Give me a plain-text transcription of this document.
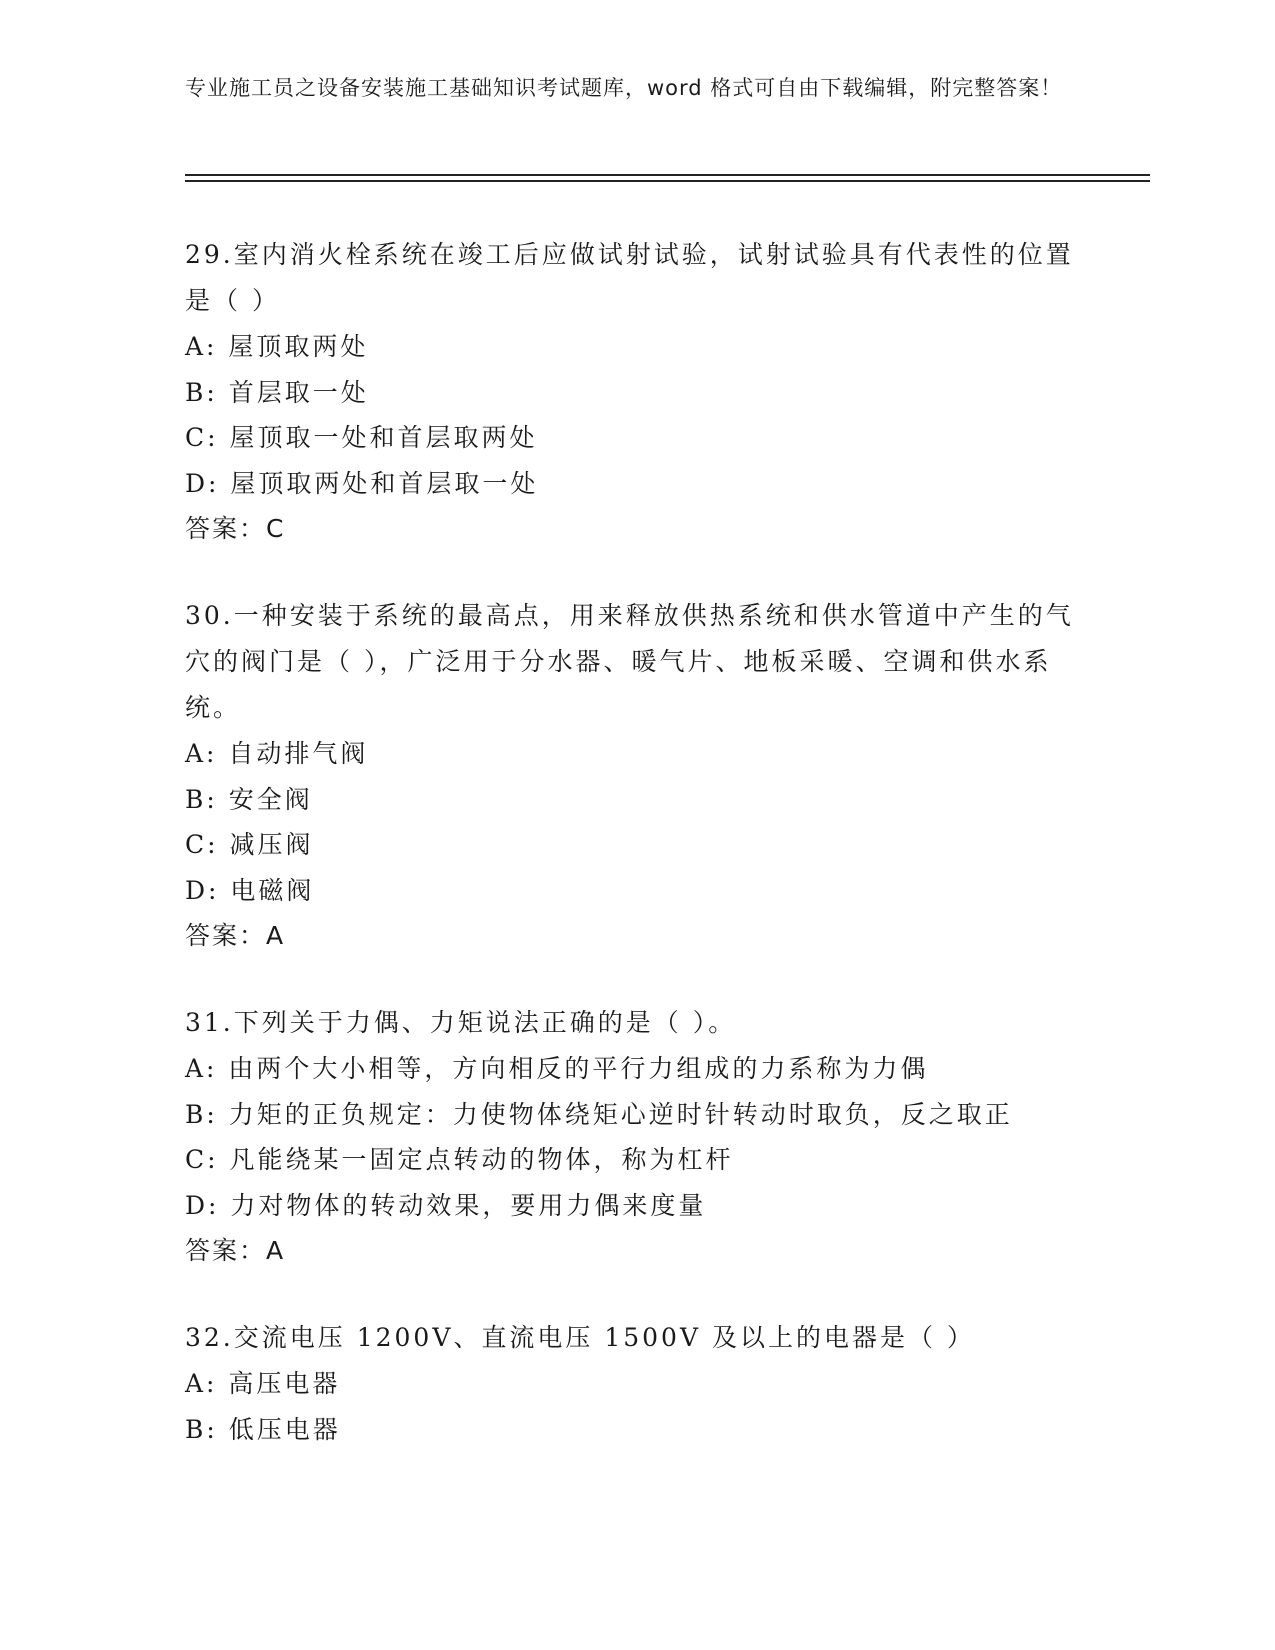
专业施工员之设备安装施工基础知识考试题库，word 格式可自由下载编辑，附完整答案！

29.室内消火栓系统在竣工后应做试射试验，试射试验具有代表性的位置是（ ）

A: 屋顶取两处

B: 首层取一处

C: 屋顶取一处和首层取两处

D: 屋顶取两处和首层取一处

答案：C

30.一种安装于系统的最高点，用来释放供热系统和供水管道中产生的气穴的阀门是（ ），广泛用于分水器、暖气片、地板采暖、空调和供水系统。

A: 自动排气阀

B: 安全阀

C: 减压阀

D: 电磁阀

答案：A

31.下列关于力偶、力矩说法正确的是（ ）。

A: 由两个大小相等，方向相反的平行力组成的力系称为力偶

B: 力矩的正负规定：力使物体绕矩心逆时针转动时取负，反之取正

C: 凡能绕某一固定点转动的物体，称为杠杆

D: 力对物体的转动效果，要用力偶来度量

答案：A

32.交流电压 1200V、直流电压 1500V 及以上的电器是（ ）

A: 高压电器

B: 低压电器
